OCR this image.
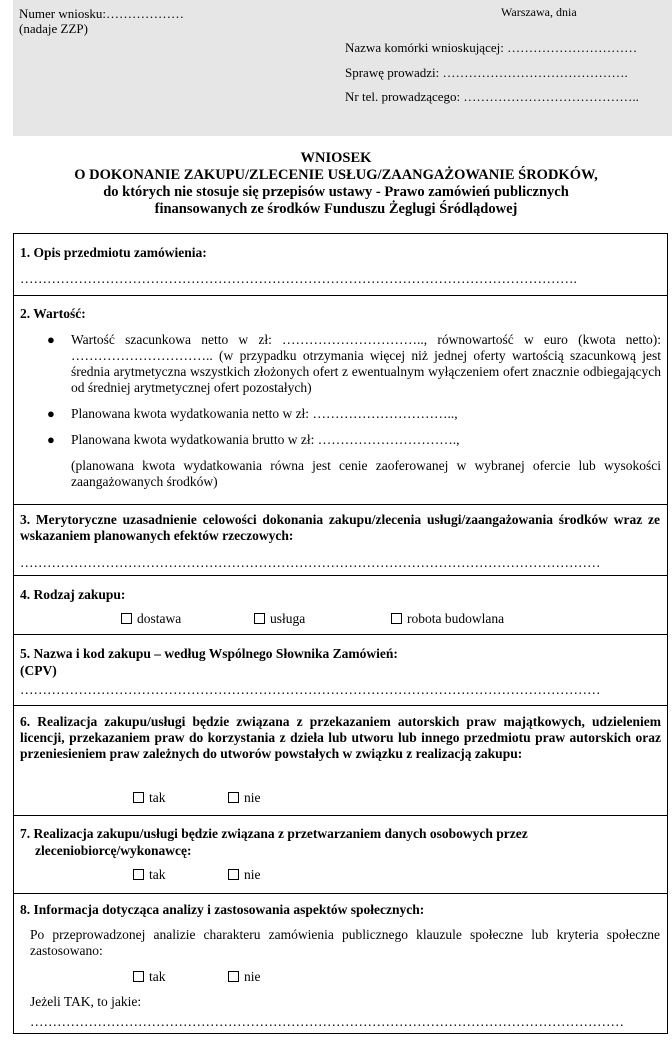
Numer wniosku:………………
(nadaje ZZP)
Warszawa, dnia
Nazwa komórki wnioskującej: …………………………
Sprawę prowadzi: …………………………………….
Nr tel. prowadzącego: …………………………………..
WNIOSEK
O DOKONANIE ZAKUPU/ZLECENIE USŁUG/ZAANGAŻOWANIE ŚRODKÓW,
do których nie stosuje się przepisów ustawy - Prawo zamówień publicznych
finansowanych ze środków Funduszu Żeglugi Śródlądowej
1. Opis przedmiotu zamówienia:
…………………………………………………………………………………………………………….
2. Wartość:
● Wartość szacunkowa netto w zł: ………………………….., równowartość w euro (kwota netto): ………………………….. (w przypadku otrzymania więcej niż jednej oferty wartością szacunkową jest średnia arytmetyczna wszystkich złożonych ofert z ewentualnym wyłączeniem ofert znacznie odbiegających od średniej arytmetycznej ofert pozostałych)
● Planowana kwota wydatkowania netto w zł: …………………………..,
● Planowana kwota wydatkowania brutto w zł: ………………………….,
(planowana kwota wydatkowania równa jest cenie zaoferowanej w wybranej ofercie lub wysokości zaangażowanych środków)
3. Merytoryczne uzasadnienie celowości dokonania zakupu/zlecenia usługi/zaangażowania środków wraz ze wskazaniem planowanych efektów rzeczowych:
…………………………………………………………………………………………………………………
4. Rodzaj zakupu:
dostawa	usługa	robota budowlana
5. Nazwa i kod zakupu – według Wspólnego Słownika Zamówień:
(CPV)
…………………………………………………………………………………………………………………
6. Realizacja zakupu/usługi będzie związana z przekazaniem autorskich praw majątkowych, udzieleniem licencji, przekazaniem praw do korzystania z dzieła lub utworu lub innego przedmiotu praw autorskich oraz przeniesieniem praw zależnych do utworów powstałych w związku z realizacją zakupu:
tak	nie
7. Realizacja zakupu/usługi będzie związana z przetwarzaniem danych osobowych przez
zleceniobiorcę/wykonawcę:
tak	nie
8. Informacja dotycząca analizy i zastosowania aspektów społecznych:
Po przeprowadzonej analizie charakteru zamówienia publicznego klauzule społeczne lub kryteria społeczne zastosowano:
tak	nie
Jeżeli TAK, to jakie:
……………………………………………………………………………………………………………………
